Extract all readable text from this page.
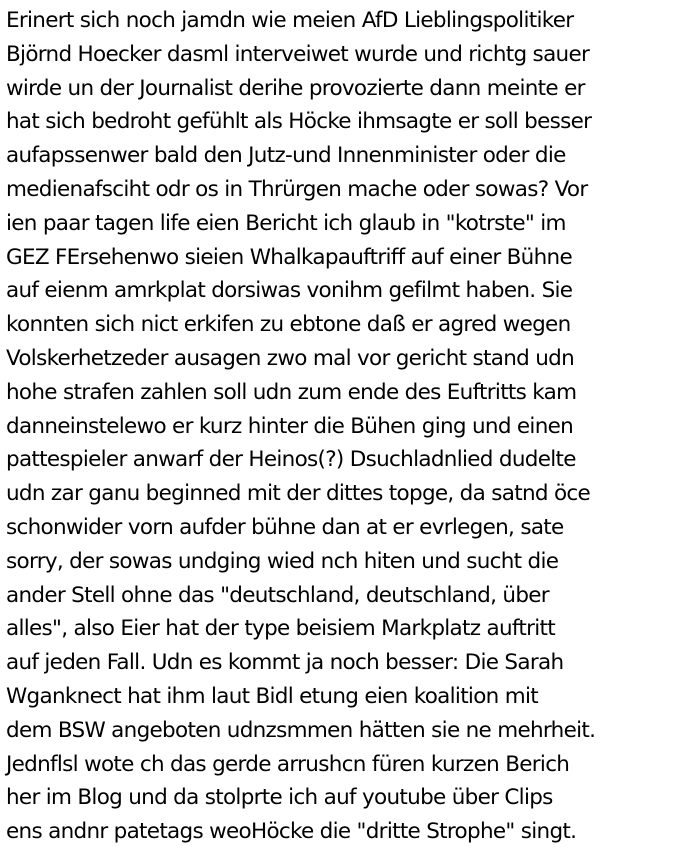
Erinert sich noch jamdn wie meien AfD Lieblingspolitiker
Björnd Hoecker dasml interveiwet wurde und richtg sauer
wirde un der Journalist derihe provozierte dann meinte er
hat sich bedroht gefühlt als Höcke ihmsagte er soll besser
aufapssenwer bald den Jutz-und Innenminister oder die
medienafsciht odr os in Thrürgen mache oder sowas? Vor
ien paar tagen life eien Bericht ich glaub in "kotrste" im
GEZ FErsehenwo sieien Whalkapauftriff auf einer Bühne
auf eienm amrkplat dorsiwas vonihm gefilmt haben. Sie
konnten sich nict erkifen zu ebtone daß er agred wegen
Volskerhetzeder ausagen zwo mal vor gericht stand udn
hohe strafen zahlen soll udn zum ende des Euftritts kam
danneinstelewo er kurz hinter die Bühen ging und einen
pattespieler anwarf der Heinos(?) Dsuchladnlied dudelte
udn zar ganu beginned mit der dittes topge, da satnd öce
schonwider vorn aufder bühne dan at er evrlegen, sate
sorry, der sowas undging wied nch hiten und sucht die
ander Stell ohne das "deutschland, deutschland, über
alles", also Eier hat der type beisiem Markplatz auftritt
auf jeden Fall. Udn es kommt ja noch besser: Die Sarah
Wganknect hat ihm laut Bidl etung eien koalition mit
dem BSW angeboten udnzsmmen hätten sie ne mehrheit.
Jednflsl wote ch das gerde arrushcn füren kurzen Berich
her im Blog und da stolprte ich auf youtube über Clips
ens andnr patetags weoHöcke die "dritte Strophe" singt.
